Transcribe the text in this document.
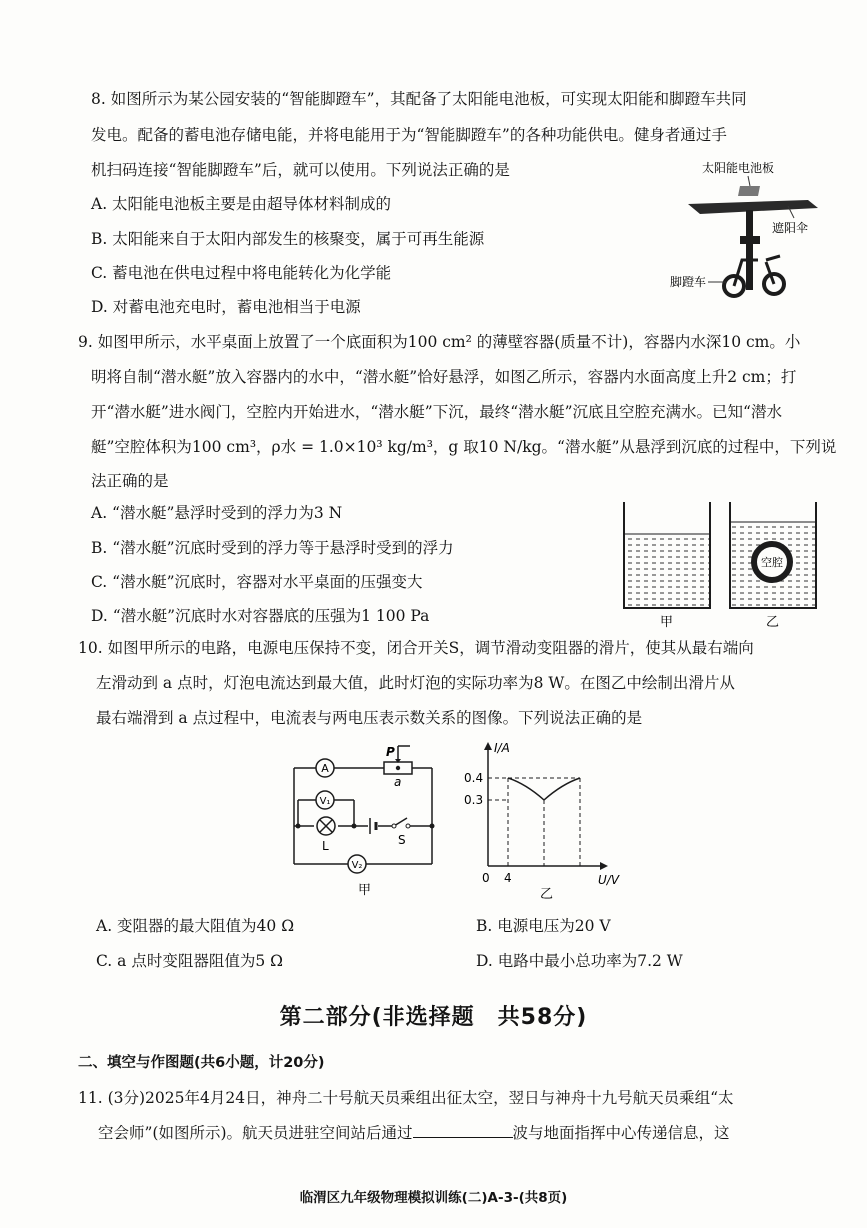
8. 如图所示为某公园安装的“智能脚蹬车”，其配备了太阳能电池板，可实现太阳能和脚蹬车共同
发电。配备的蓄电池存储电能，并将电能用于为“智能脚蹬车”的各种功能供电。健身者通过手
机扫码连接“智能脚蹬车”后，就可以使用。下列说法正确的是
A. 太阳能电池板主要是由超导体材料制成的
B. 太阳能来自于太阳内部发生的核聚变，属于可再生能源
C. 蓄电池在供电过程中将电能转化为化学能
D. 对蓄电池充电时，蓄电池相当于电源
太阳能电池板
遮阳伞
脚蹬车
9. 如图甲所示，水平桌面上放置了一个底面积为100 cm² 的薄壁容器(质量不计)，容器内水深10 cm。小
明将自制“潜水艇”放入容器内的水中，“潜水艇”恰好悬浮，如图乙所示，容器内水面高度上升2 cm；打
开“潜水艇”进水阀门，空腔内开始进水，“潜水艇”下沉，最终“潜水艇”沉底且空腔充满水。已知“潜水
艇”空腔体积为100 cm³，ρ水 = 1.0×10³ kg/m³，g 取10 N/kg。“潜水艇”从悬浮到沉底的过程中，下列说
法正确的是
A. “潜水艇”悬浮时受到的浮力为3 N
B. “潜水艇”沉底时受到的浮力等于悬浮时受到的浮力
C. “潜水艇”沉底时，容器对水平桌面的压强变大
D. “潜水艇”沉底时水对容器底的压强为1 100 Pa	甲
空腔
乙
10. 如图甲所示的电路，电源电压保持不变，闭合开关S，调节滑动变阻器的滑片，使其从最右端向
左滑动到 a 点时，灯泡电流达到最大值，此时灯泡的实际功率为8 W。在图乙中绘制出滑片从
最右端滑到 a 点过程中，电流表与两电压表示数关系的图像。下列说法正确的是
A
V₁
V₂
P
a
L	S
甲
I/A
U/V
0.4
0.3
0 4
乙
A. 变阻器的最大阻值为40 Ω	B. 电源电压为20 V
C. a 点时变阻器阻值为5 Ω	D. 电路中最小总功率为7.2 W
第二部分(非选择题　共58分)
二、填空与作图题(共6小题，计20分)
11. (3分)2025年4月24日，神舟二十号航天员乘组出征太空，翌日与神舟十九号航天员乘组“太
空会师”(如图所示)。航天员进驻空间站后通过	波与地面指挥中心传递信息，这
临渭区九年级物理模拟训练(二)A-3-(共8页)
